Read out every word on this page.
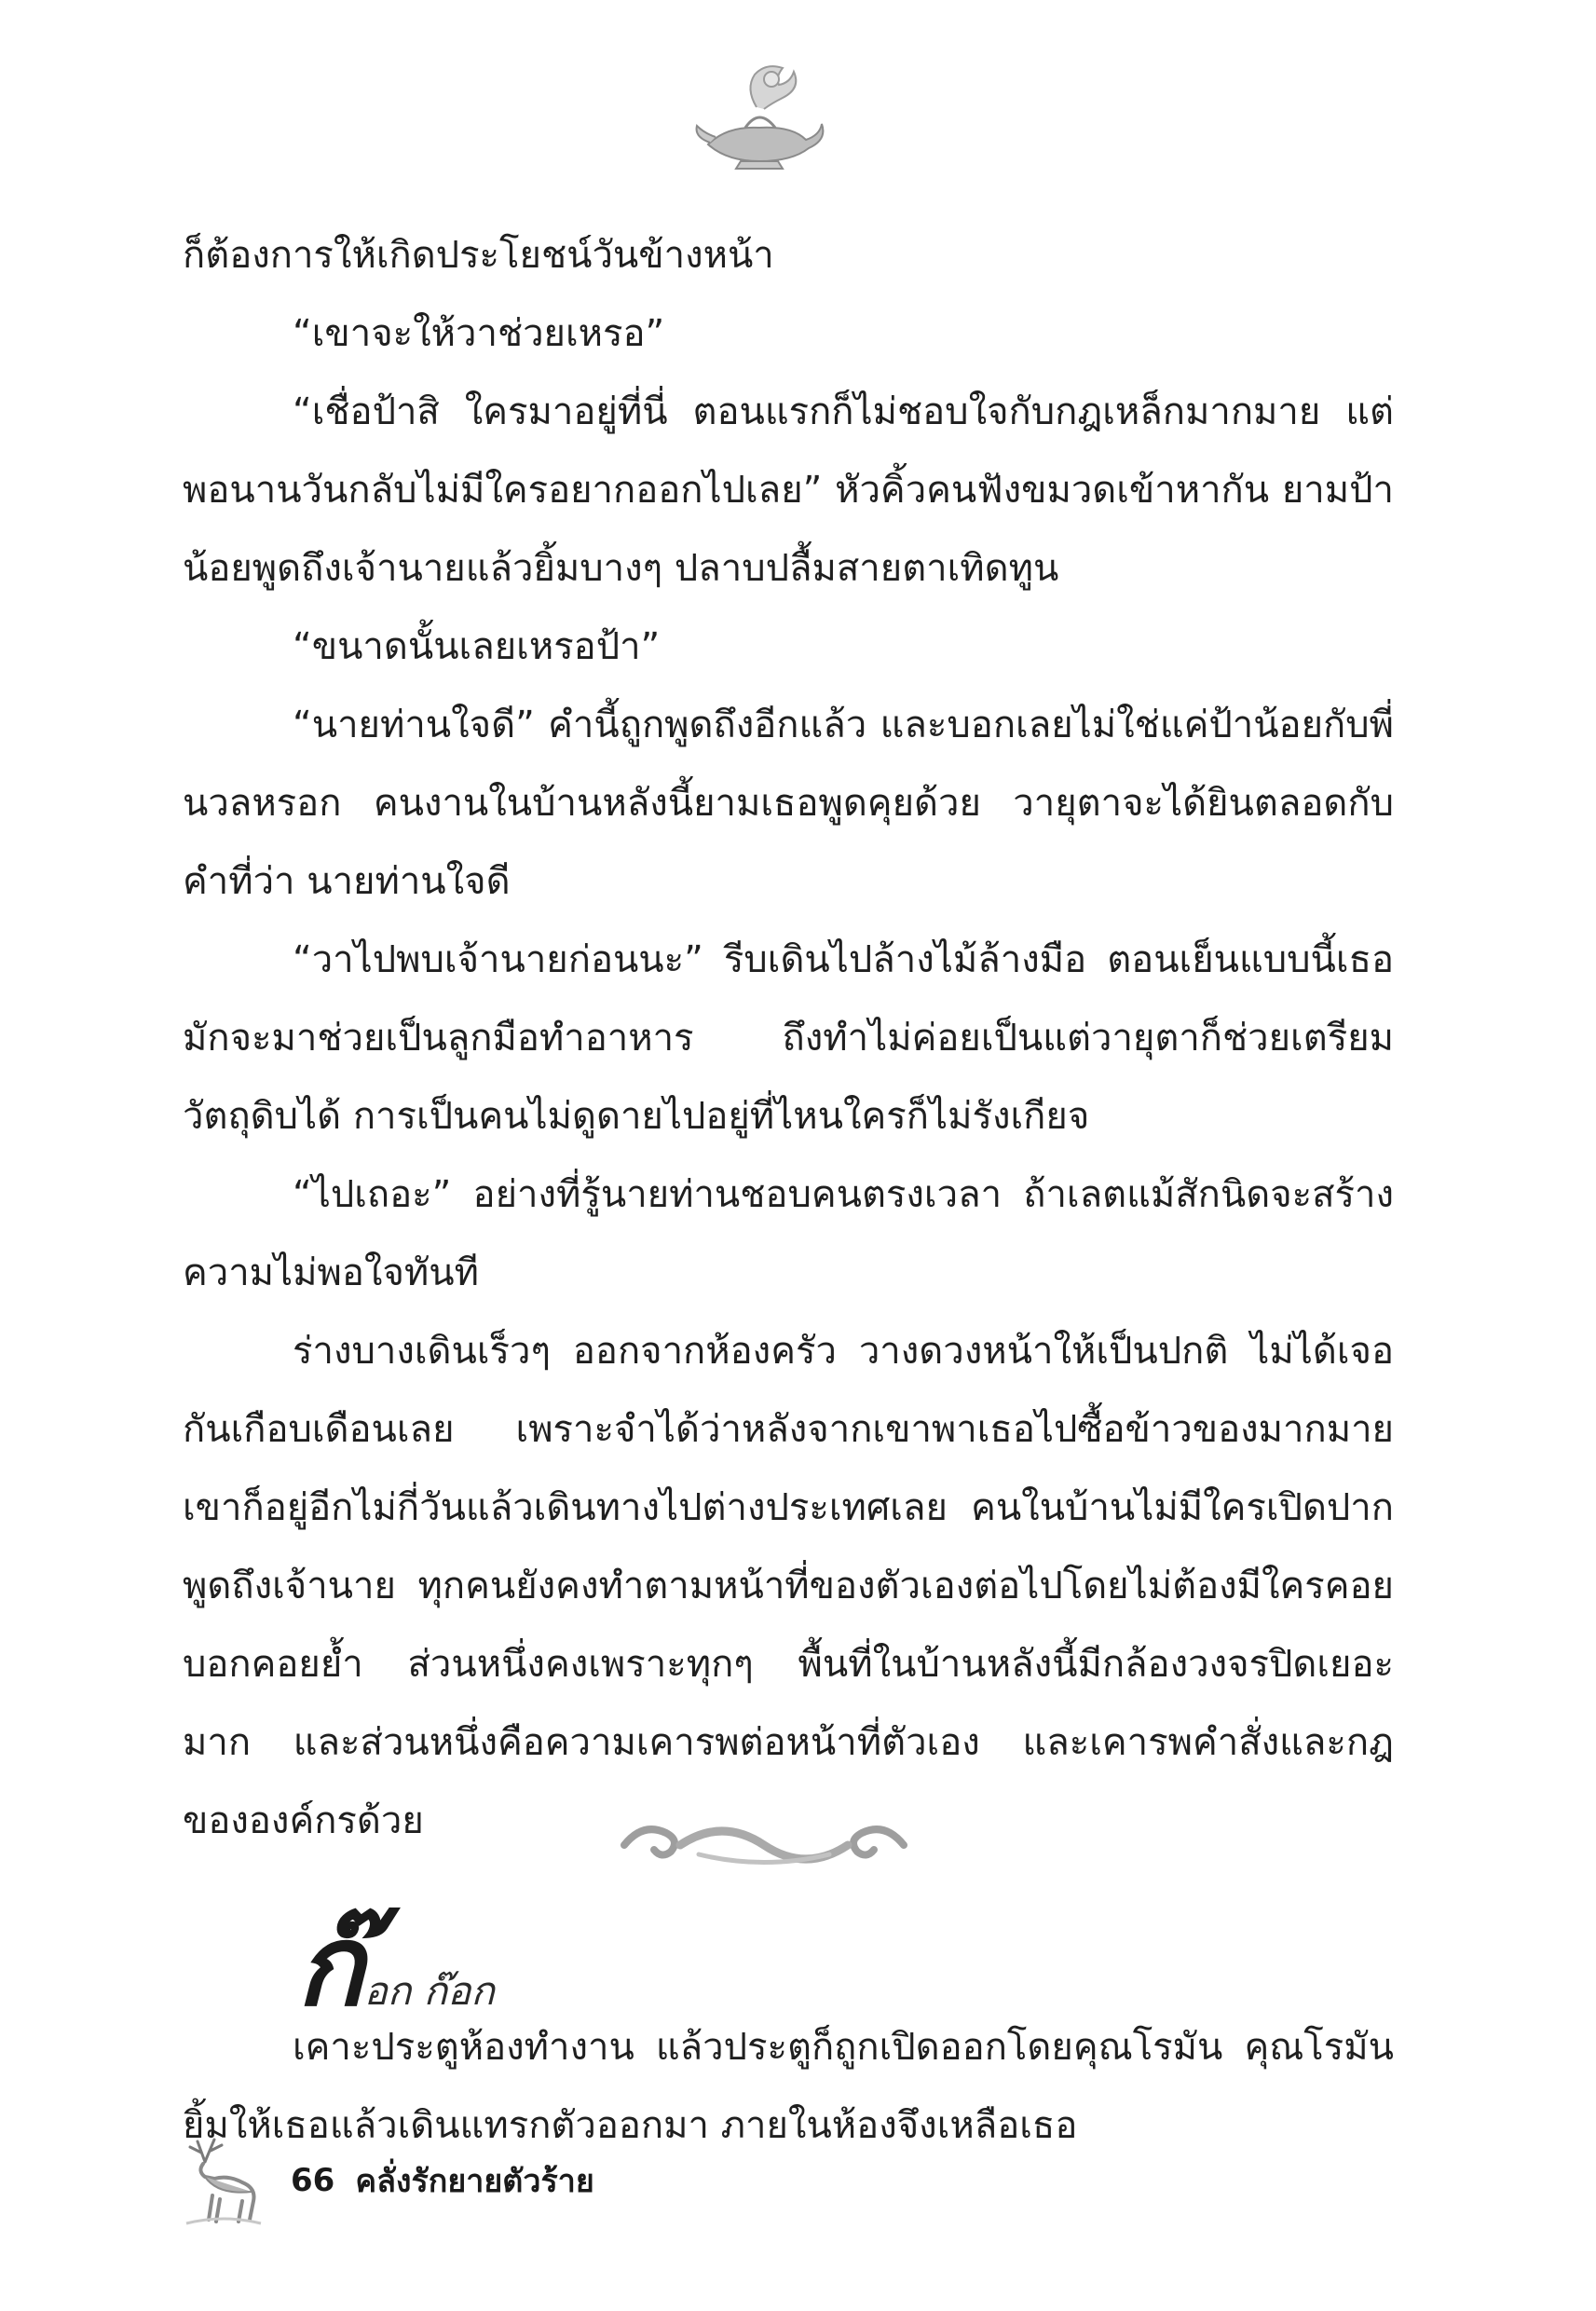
ก็ต้องการให้เกิดประโยชน์วันข้างหน้า

“เขาจะให้วาช่วยเหรอ”

“เชื่อป้าสิ ใครมาอยู่ที่นี่ ตอนแรกก็ไม่ชอบใจกับกฎเหล็กมากมาย แต่พอนานวันกลับไม่มีใครอยากออกไปเลย” หัวคิ้วคนฟังขมวดเข้าหากัน ยามป้าน้อยพูดถึงเจ้านายแล้วยิ้มบางๆ ปลาบปลื้มสายตาเทิดทูน

“ขนาดนั้นเลยเหรอป้า”

“นายท่านใจดี” คำนี้ถูกพูดถึงอีกแล้ว และบอกเลยไม่ใช่แค่ป้าน้อยกับพี่นวลหรอก คนงานในบ้านหลังนี้ยามเธอพูดคุยด้วย วายุตาจะได้ยินตลอดกับคำที่ว่า นายท่านใจดี

“วาไปพบเจ้านายก่อนนะ” รีบเดินไปล้างไม้ล้างมือ ตอนเย็นแบบนี้เธอมักจะมาช่วยเป็นลูกมือทำอาหาร ถึงทำไม่ค่อยเป็นแต่วายุตาก็ช่วยเตรียมวัตถุดิบได้ การเป็นคนไม่ดูดายไปอยู่ที่ไหนใครก็ไม่รังเกียจ

“ไปเถอะ” อย่างที่รู้นายท่านชอบคนตรงเวลา ถ้าเลตแม้สักนิดจะสร้างความไม่พอใจทันที

ร่างบางเดินเร็วๆ ออกจากห้องครัว วางดวงหน้าให้เป็นปกติ ไม่ได้เจอกันเกือบเดือนเลย เพราะจำได้ว่าหลังจากเขาพาเธอไปซื้อข้าวของมากมาย เขาก็อยู่อีกไม่กี่วันแล้วเดินทางไปต่างประเทศเลย คนในบ้านไม่มีใครเปิดปากพูดถึงเจ้านาย ทุกคนยังคงทำตามหน้าที่ของตัวเองต่อไปโดยไม่ต้องมีใครคอยบอกคอยย้ำ ส่วนหนึ่งคงเพราะทุกๆ พื้นที่ในบ้านหลังนี้มีกล้องวงจรปิดเยอะมาก และส่วนหนึ่งคือความเคารพต่อหน้าที่ตัวเอง และเคารพคำสั่งและกฎขององค์กรด้วย

ก๊อก ก๊อก

เคาะประตูห้องทำงาน แล้วประตูก็ถูกเปิดออกโดยคุณโรมัน คุณโรมันยิ้มให้เธอแล้วเดินแทรกตัวออกมา ภายในห้องจึงเหลือเธอ

66 คลั่งรักยายตัวร้าย
